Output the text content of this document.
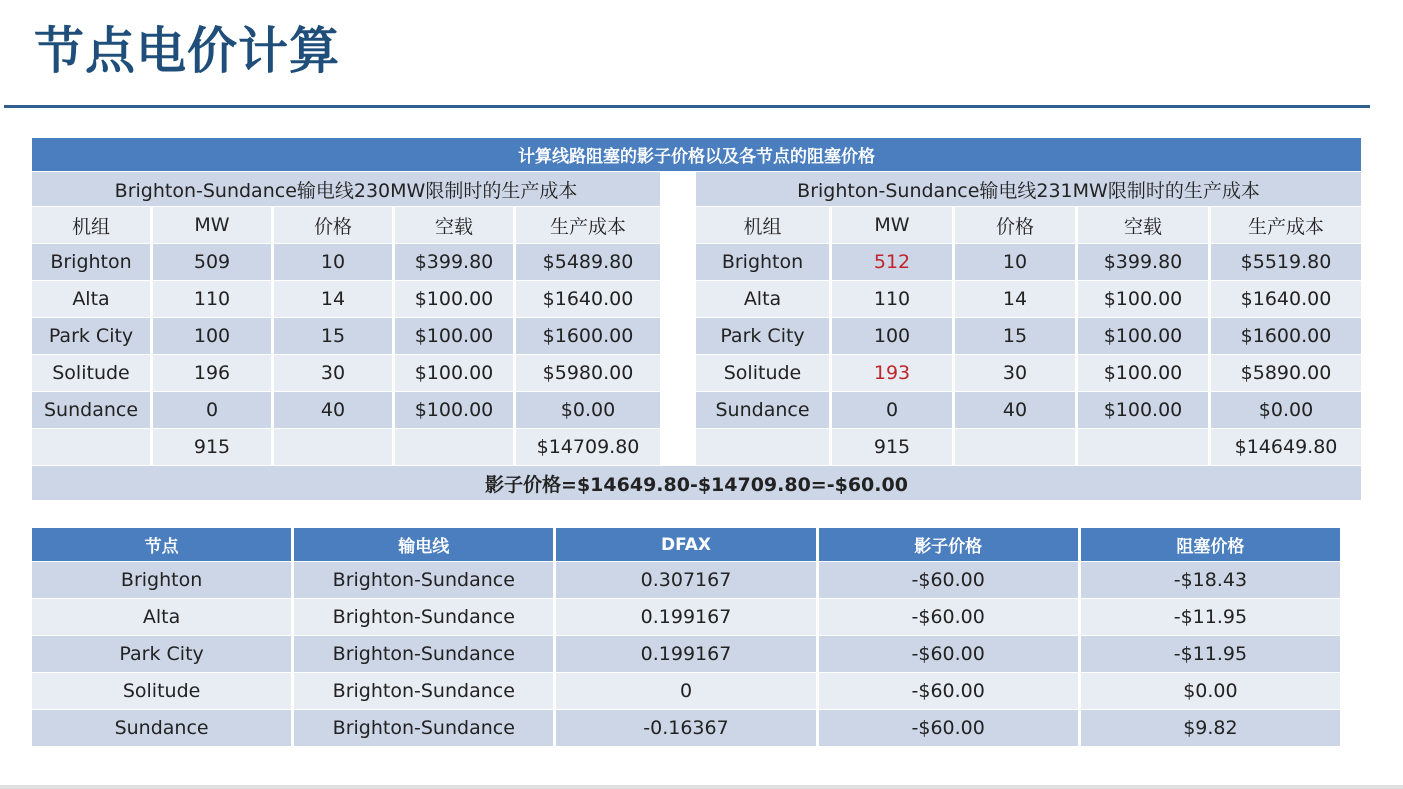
节点电价计算
计算线路阻塞的影子价格以及各节点的阻塞价格
Brighton-Sundance输电线230MW限制时的生产成本	Brighton-Sundance输电线231MW限制时的生产成本
机组	MW	价格	空载	生产成本	机组	MW	价格	空载	生产成本
Brighton	509	10	$399.80	$5489.80
Alta	110	14	$100.00	$1640.00
Park City	100	15	$100.00	$1600.00
Solitude	196	30	$100.00	$5980.00
Sundance	0	40	$100.00	$0.00
915	$14709.80
Brighton	512	10	$399.80	$5519.80
Alta	110	14	$100.00	$1640.00
Park City	100	15	$100.00	$1600.00
Solitude	193	30	$100.00	$5890.00
Sundance	0	40	$100.00	$0.00
915	$14649.80
影子价格=$14649.80-$14709.80=-$60.00
节点	输电线	DFAX	影子价格	阻塞价格
Brighton	Brighton-Sundance	0.307167	-$60.00	-$18.43
Alta	Brighton-Sundance	0.199167	-$60.00	-$11.95
Park City	Brighton-Sundance	0.199167	-$60.00	-$11.95
Solitude	Brighton-Sundance	0	-$60.00	$0.00
Sundance	Brighton-Sundance	-0.16367	-$60.00	$9.82
